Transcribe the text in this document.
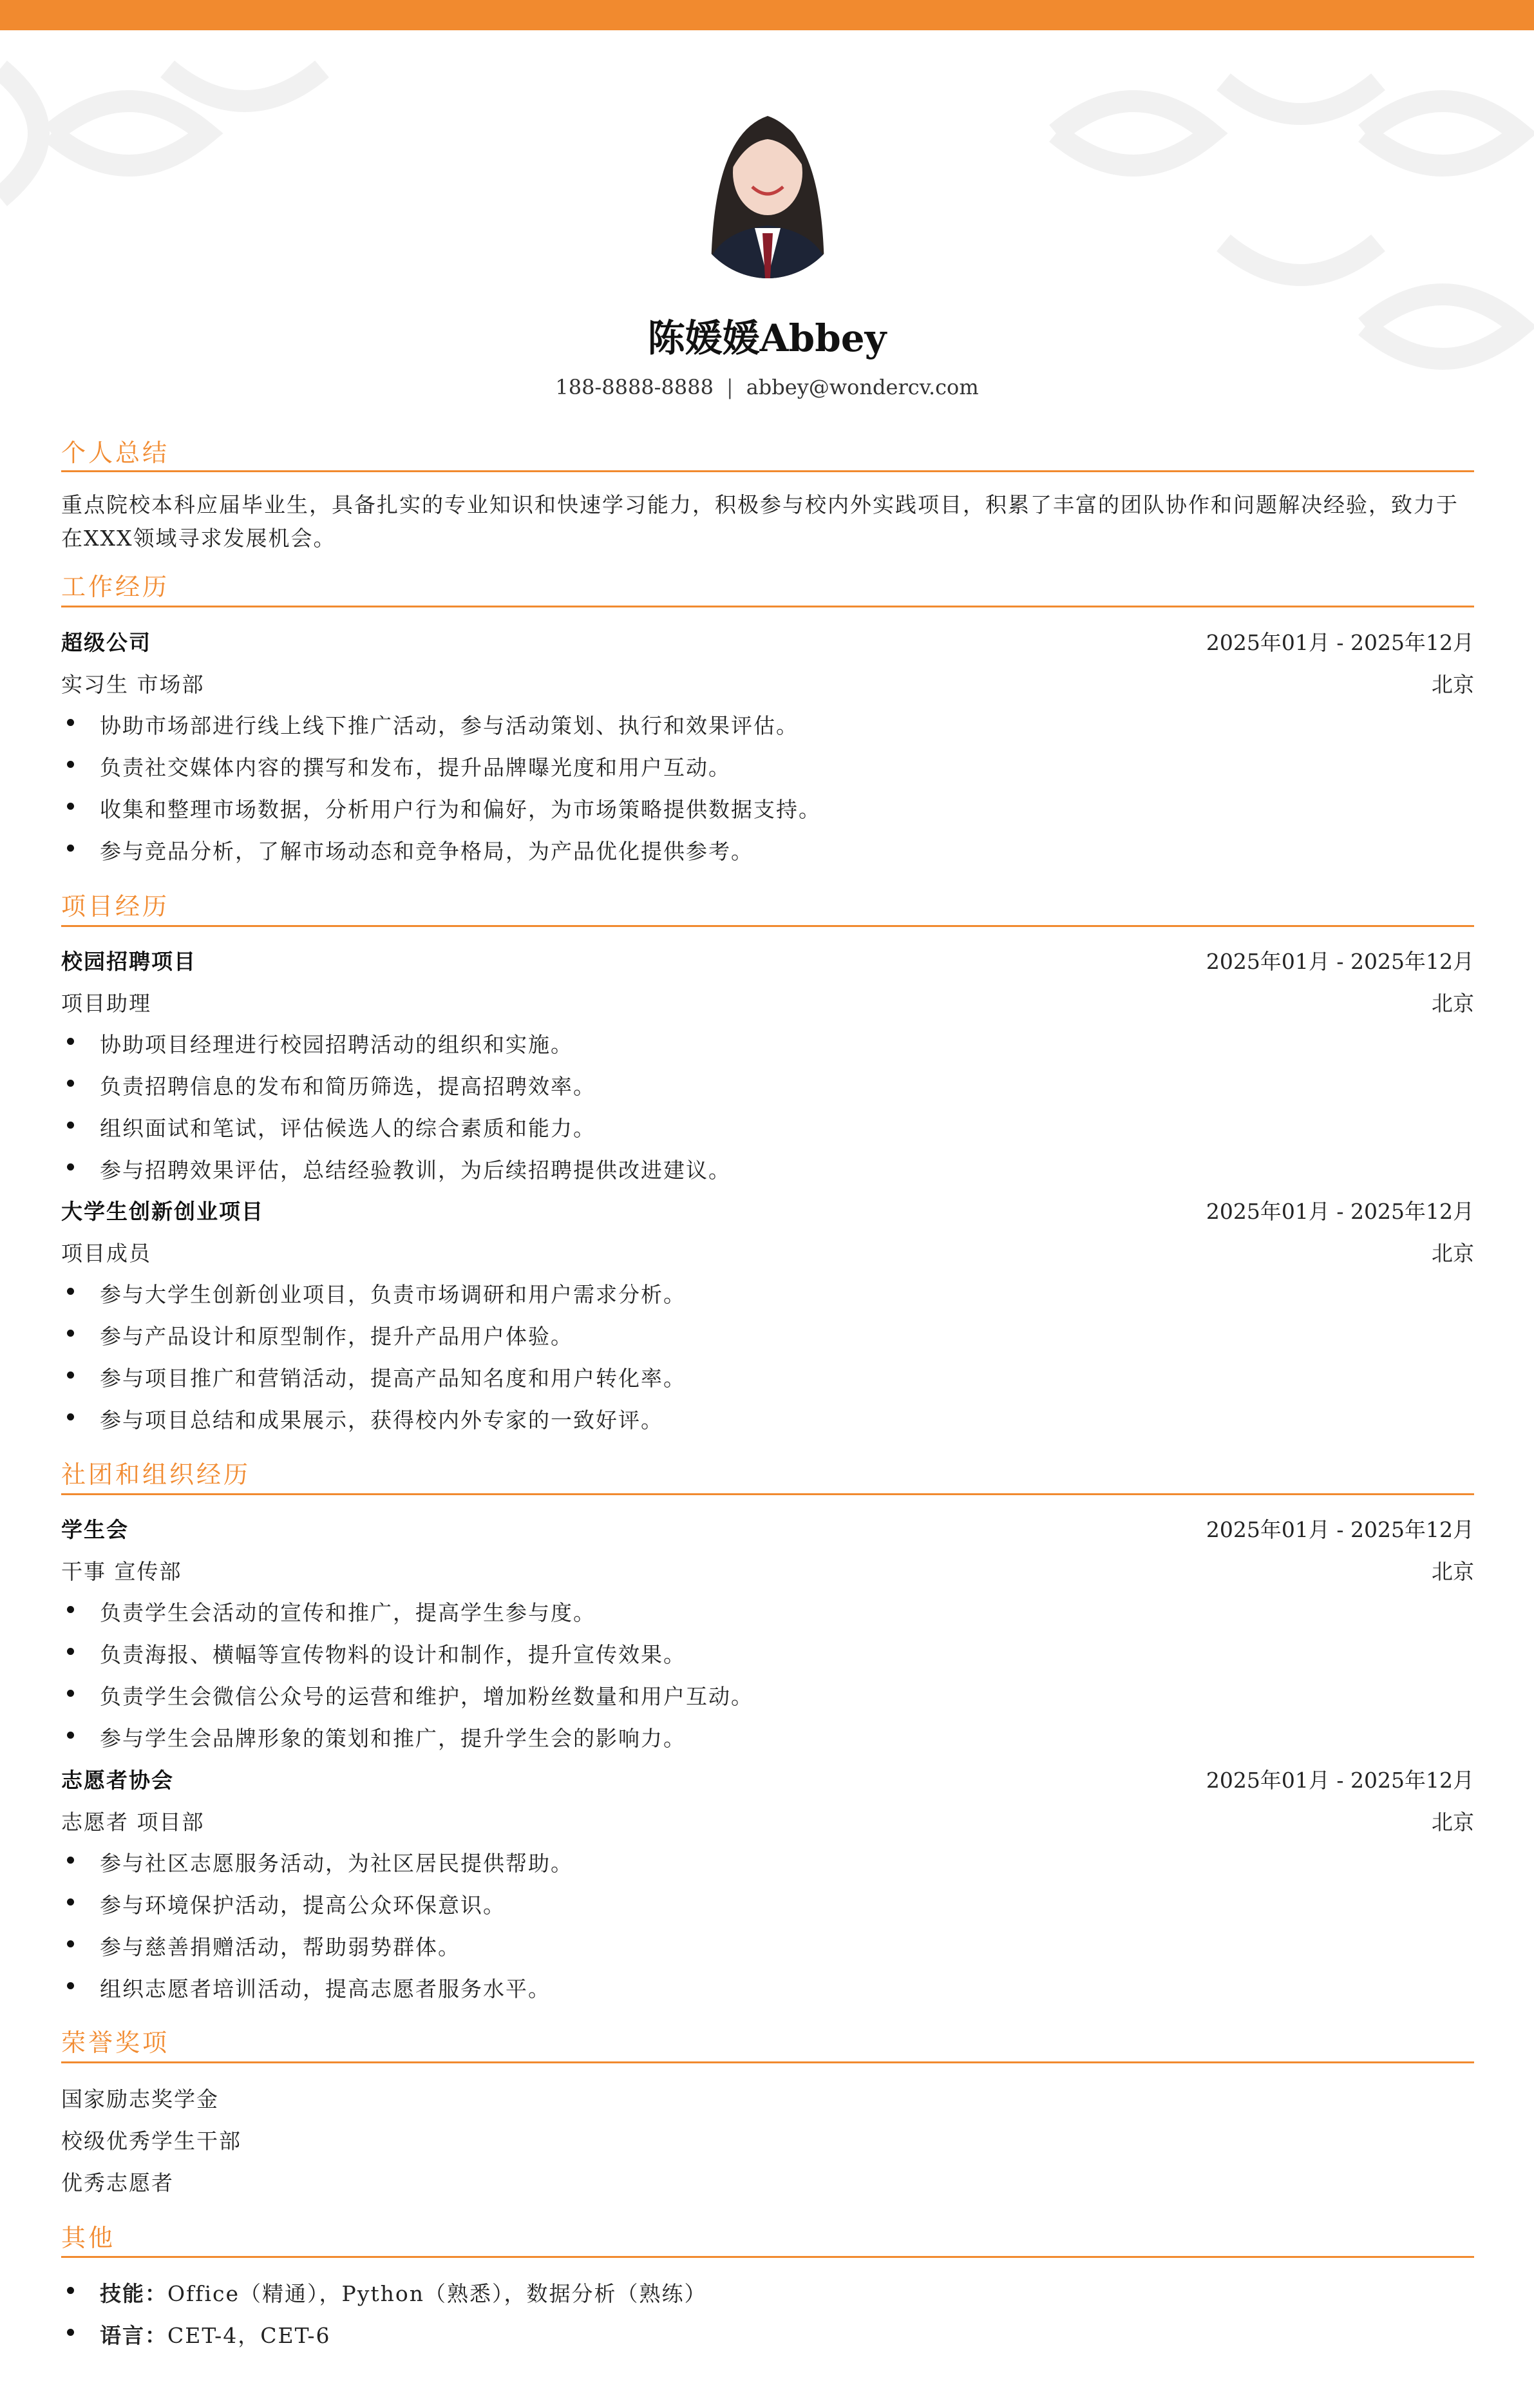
陈媛媛Abbey
188-8888-8888 | abbey@wondercv.com
个人总结
重点院校本科应届毕业生，具备扎实的专业知识和快速学习能力，积极参与校内外实践项目，积累了丰富的团队协作和问题解决经验，致力于在XXX领域寻求发展机会。
工作经历
超级公司	2025年01月 - 2025年12月
实习生 市场部	北京
协助市场部进行线上线下推广活动，参与活动策划、执行和效果评估。
负责社交媒体内容的撰写和发布，提升品牌曝光度和用户互动。
收集和整理市场数据，分析用户行为和偏好，为市场策略提供数据支持。
参与竞品分析，了解市场动态和竞争格局，为产品优化提供参考。
项目经历
校园招聘项目	2025年01月 - 2025年12月
项目助理	北京
协助项目经理进行校园招聘活动的组织和实施。
负责招聘信息的发布和简历筛选，提高招聘效率。
组织面试和笔试，评估候选人的综合素质和能力。
参与招聘效果评估，总结经验教训，为后续招聘提供改进建议。
大学生创新创业项目	2025年01月 - 2025年12月
项目成员	北京
参与大学生创新创业项目，负责市场调研和用户需求分析。
参与产品设计和原型制作，提升产品用户体验。
参与项目推广和营销活动，提高产品知名度和用户转化率。
参与项目总结和成果展示，获得校内外专家的一致好评。
社团和组织经历
学生会	2025年01月 - 2025年12月
干事 宣传部	北京
负责学生会活动的宣传和推广，提高学生参与度。
负责海报、横幅等宣传物料的设计和制作，提升宣传效果。
负责学生会微信公众号的运营和维护，增加粉丝数量和用户互动。
参与学生会品牌形象的策划和推广，提升学生会的影响力。
志愿者协会	2025年01月 - 2025年12月
志愿者 项目部	北京
参与社区志愿服务活动，为社区居民提供帮助。
参与环境保护活动，提高公众环保意识。
参与慈善捐赠活动，帮助弱势群体。
组织志愿者培训活动，提高志愿者服务水平。
荣誉奖项
国家励志奖学金
校级优秀学生干部
优秀志愿者
其他
技能：Office（精通），Python（熟悉），数据分析（熟练）
语言：CET-4，CET-6
